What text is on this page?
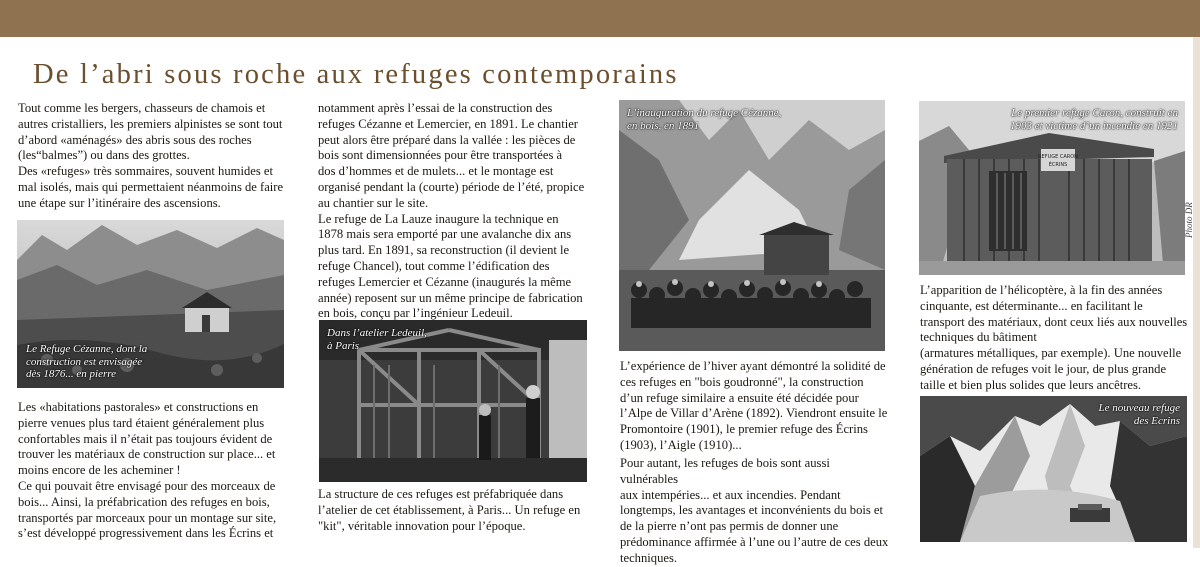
De l’abri sous roche aux refuges contemporains

Tout comme les bergers, chasseurs de chamois et

autres cristalliers, les premiers alpinistes se sont tout

d’abord «aménagés» des abris sous des roches

(les“balmes”) ou dans des grottes.

Des «refuges» très sommaires, souvent humides et

mal isolés, mais qui permettaient néanmoins de faire

une étape sur l’itinéraire des ascensions.

Le Refuge Cézanne, dont la
construction est envisagée
dès 1876... en pierre

Les «habitations pastorales» et constructions en

pierre venues plus tard étaient généralement plus

confortables mais il n’était pas toujours évident de

trouver les matériaux de construction sur place... et

moins encore de les acheminer !

Ce qui pouvait être envisagé pour des morceaux de

bois... Ainsi, la préfabrication des refuges en bois,

transportés par morceaux pour un montage sur site,

s’est développé progressivement dans les Écrins et

notamment après l’essai de la construction des

refuges Cézanne et Lemercier, en 1891. Le chantier

peut alors être préparé dans la vallée : les pièces de

bois sont dimensionnées pour être transportées à

dos d’hommes et de mulets... et le montage est

organisé pendant la (courte) période de l’été, propice

au chantier sur le site.

Le refuge de La Lauze inaugure la technique en

1878 mais sera emporté par une avalanche dix ans

plus tard. En 1891, sa reconstruction (il devient le

refuge Chancel), tout comme l’édification des

refuges Lemercier et Cézanne (inaugurés la même

année) reposent sur un même principe de fabrication

en bois, conçu par l’ingénieur Ledeuil.

Dans l’atelier Ledeuil,
à Paris

La structure de ces refuges est préfabriquée dans

l’atelier de cet établissement, à Paris... Un refuge en

"kit", véritable innovation pour l’époque.

L’inauguration du refuge Cézanne,
en bois, en 1891

L’expérience de l’hiver ayant démontré la solidité de

ces refuges en "bois goudronné", la construction

d’un refuge similaire a ensuite été décidée pour

l’Alpe de Villar d’Arène (1892). Viendront ensuite le

Promontoire (1901), le premier refuge des Écrins

(1903), l’Aigle (1910)...

Pour autant, les refuges de bois sont aussi vulnérables

aux intempéries... et aux incendies. Pendant

longtemps, les avantages et inconvénients du bois et

de la pierre n’ont pas permis de donner une

prédominance affirmée à l’une ou l’autre de ces deux

techniques.

REFUGE CARON
ÉCRINS
Le premier refuge Caron, construit en
1903 et victime d’un incendie en 1921
Photo DR

L’apparition de l’hélicoptère, à la fin des années

cinquante, est déterminante... en facilitant le

transport des matériaux, dont ceux liés aux nouvelles

techniques du bâtiment

(armatures métalliques, par exemple). Une nouvelle

génération de refuges voit le jour, de plus grande

taille et bien plus solides que leurs ancêtres.

Le nouveau refuge
des Ecrins
